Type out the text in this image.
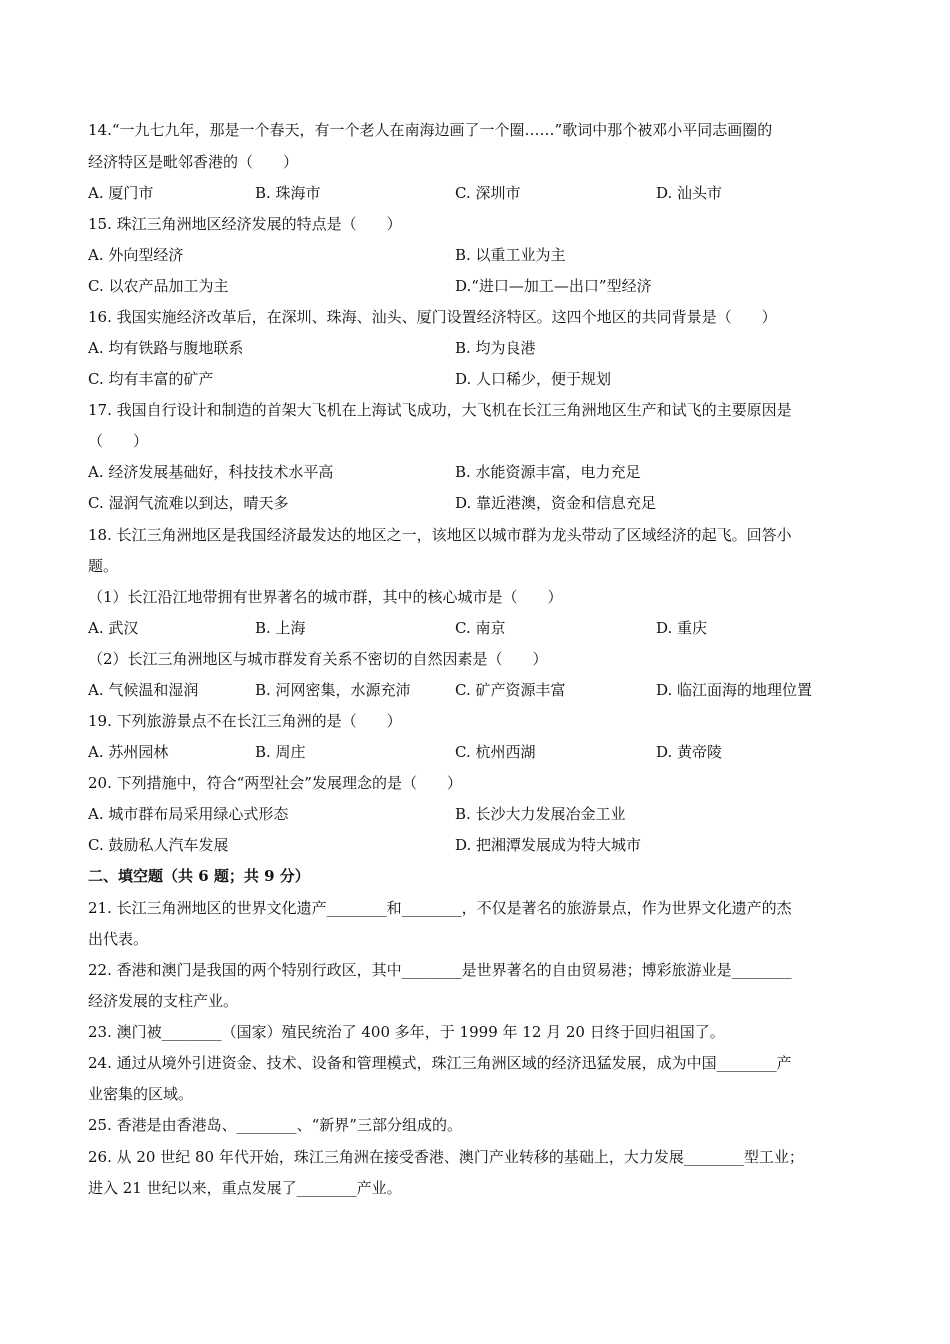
14.“一九七九年，那是一个春天，有一个老人在南海边画了一个圈……”歌词中那个被邓小平同志画圈的
经济特区是毗邻香港的（　　）
A. 厦门市	B. 珠海市	C. 深圳市	D. 汕头市
15. 珠江三角洲地区经济发展的特点是（　　）
A. 外向型经济	B. 以重工业为主
C. 以农产品加工为主	D.“进口—加工—出口”型经济
16. 我国实施经济改革后，在深圳、珠海、汕头、厦门设置经济特区。这四个地区的共同背景是（　　）
A. 均有铁路与腹地联系	B. 均为良港
C. 均有丰富的矿产	D. 人口稀少，便于规划
17. 我国自行设计和制造的首架大飞机在上海试飞成功，大飞机在长江三角洲地区生产和试飞的主要原因是
（　　）
A. 经济发展基础好，科技技术水平高	B. 水能资源丰富，电力充足
C. 湿润气流难以到达，晴天多	D. 靠近港澳，资金和信息充足
18. 长江三角洲地区是我国经济最发达的地区之一，该地区以城市群为龙头带动了区域经济的起飞。回答小
题。
（1）长江沿江地带拥有世界著名的城市群，其中的核心城市是（　　）
A. 武汉	B. 上海	C. 南京	D. 重庆
（2）长江三角洲地区与城市群发育关系不密切的自然因素是（　　）
A. 气候温和湿润	B. 河网密集，水源充沛	C. 矿产资源丰富	D. 临江面海的地理位置
19. 下列旅游景点不在长江三角洲的是（　　）
A. 苏州园林	B. 周庄	C. 杭州西湖	D. 黄帝陵
20. 下列措施中，符合“两型社会”发展理念的是（　　）
A. 城市群布局采用绿心式形态	B. 长沙大力发展冶金工业
C. 鼓励私人汽车发展	D. 把湘潭发展成为特大城市
二、填空题（共 6 题；共 9 分）
21. 长江三角洲地区的世界文化遗产________和________，不仅是著名的旅游景点，作为世界文化遗产的杰
出代表。
22. 香港和澳门是我国的两个特别行政区，其中________是世界著名的自由贸易港；博彩旅游业是________
经济发展的支柱产业。
23. 澳门被________（国家）殖民统治了 400 多年，于 1999 年 12 月 20 日终于回归祖国了。
24. 通过从境外引进资金、技术、设备和管理模式，珠江三角洲区域的经济迅猛发展，成为中国________产
业密集的区域。
25. 香港是由香港岛、________、“新界”三部分组成的。
26. 从 20 世纪 80 年代开始，珠江三角洲在接受香港、澳门产业转移的基础上，大力发展________型工业；
进入 21 世纪以来，重点发展了________产业。
